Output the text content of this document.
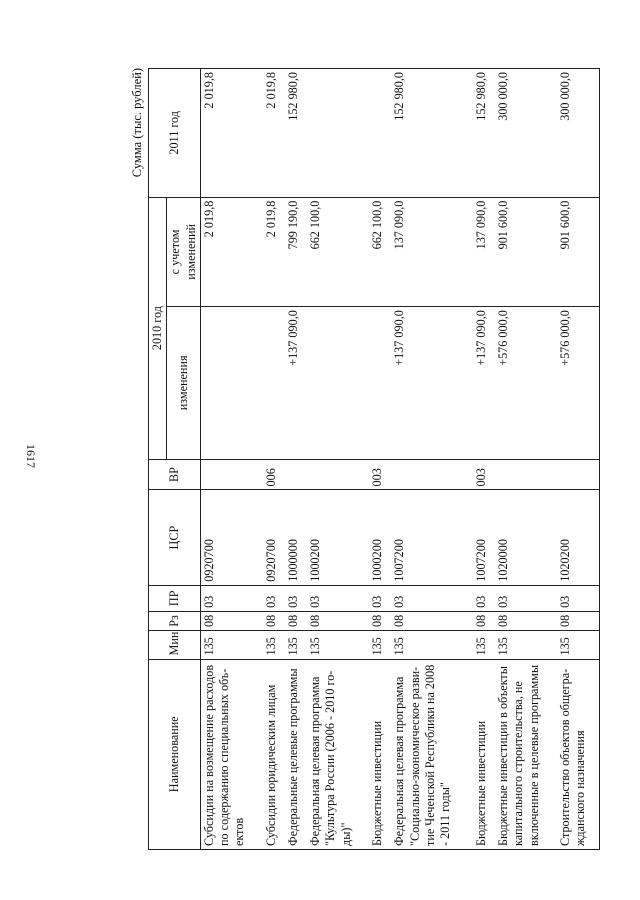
1617
Сумма (тыс. рублей)
Наименование	Мин	Рз	ПР	ЦСР	ВР	2010 год		2011 год
						изменения	с учетом изменений	
Субсидии на возмещение расходов по содержанию специальных объ-ектов	135	08	03	0920700			2 019,8	2 019,8
Субсидии юридическим лицам	135	08	03	0920700	006		2 019,8	2 019,8
Федеральные целевые программы	135	08	03	1000000		+137 090,0	799 190,0	152 980,0
Федеральная целевая программа "Культура России (2006 - 2010 го-ды)"	135	08	03	1000200			662 100,0	
Бюджетные инвестиции	135	08	03	1000200	003		662 100,0	
Федеральная целевая программа "Социально-экономическое разви-тие Чеченской Республики на 2008 - 2011 годы"	135	08	03	1007200		+137 090,0	137 090,0	152 980,0
Бюджетные инвестиции	135	08	03	1007200	003	+137 090,0	137 090,0	152 980,0
Бюджетные инвестиции в объекты капитального строительства, не включенные в целевые программы	135	08	03	1020000		+576 000,0	901 600,0	300 000,0
Строительство объектов общегра-жданского назначения	135	08	03	1020200		+576 000,0	901 600,0	300 000,0
